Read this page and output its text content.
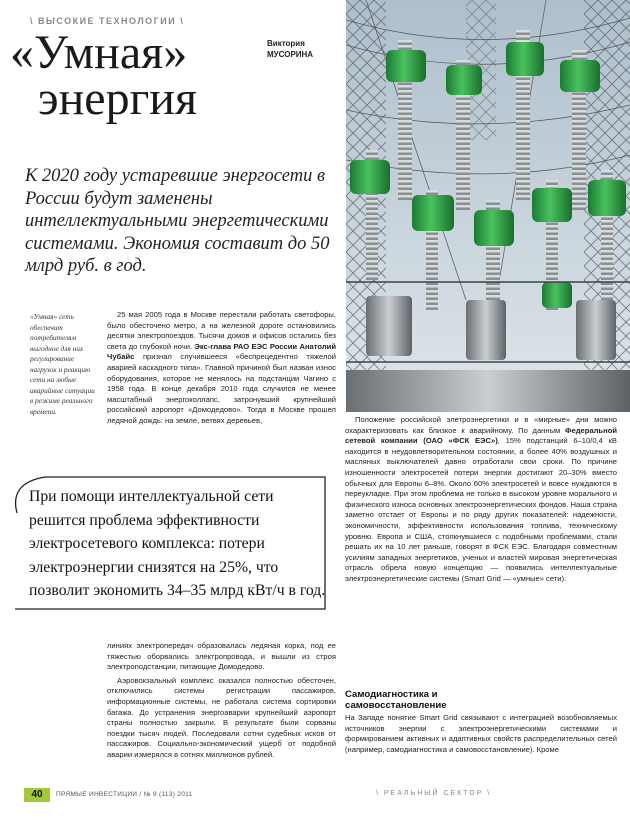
\ ВЫСОКИЕ ТЕХНОЛОГИИ \
«Умная»
энергия
Виктория
МУСОРИНА
К 2020 году устаревшие энергосети в России будут заменены интеллектуальными энергетическими системами. Экономия составит до 50 млрд руб. в год.
«Умная» сеть обеспечит потребителям выгодное для них регулирование нагрузок и реакцию сети на любые аварийные ситуации в режиме реального времени.

25 мая 2005 года в Москве перестали работать светофоры, было обесточено метро, а на железной дороге остановились десятки электропоездов. Тысячи домов и офисов остались без света до глубокой ночи. Экс-глава РАО ЕЭС России Анатолий Чубайс признал случившееся «беспрецедентно тяжелой аварией каскадного типа». Главной причиной был назван износ оборудования, которое не менялось на подстанции Чагино с 1958 года. В конце декабря 2010 года случился не менее масштабный энергоколлапс, затронувший крупнейший российский аэропорт «Домодедово». Тогда в Москве прошел ледяной дождь: на земле, ветвях деревьев,

При помощи интеллектуальной сети решится проблема эффективности электросетевого комплекса: потери электроэнергии снизятся на 25%, что позволит экономить 34–35 млрд кВт/ч в год.

линиях электропередач образовалась ледяная корка, под ее тяжестью оборвались электропровода, и вышли из строя электроподстанции, питающие Домодедово.

Аэровокзальный комплекс оказался полностью обесточен, отключились системы регистрации пассажиров, информационные системы, не работала система сортировки багажа. До устранения энергоаварии крупнейший аэропорт страны полностью закрыли. В результате были сорваны поездки тысяч людей. Последовали сотни судебных исков от пассажиров. Социально-экономический ущерб от подобной аварии измерялся в сотнях миллионов рублей.

Положение российской элетроэнергетики и в «мирные» дни можно охарактеризовать как близкое к аварийному. По данным Федеральной сетевой компании (ОАО «ФСК ЕЭС»), 15% подстанций 6–10/0,4 кВ находится в неудовлетворительном состоянии, а более 40% воздушных и масляных выключателей давно отработали свои сроки. По причине изношенности электросетей потери энергии достигают 20–30% вместо обычных для Европы 6–8%. Около 60% электросетей и вовсе нуждаются в переукладке. При этом проблема не только в высоком уровне морального и физического износа основных электроэнергетических фондов. Наша страна заметно отстает от Европы и по ряду других показателей: надежности, экономичности, эффективности использования топлива, техническому уровню. Европа и США, столкнувшиеся с подобными проблемами, стали решать их на 10 лет раньше, говорят в ФСК ЕЭС. Благодаря совместным усилиям западных энергетиков, ученых и властей мировая энергетическая отрасль обрела новую концепцию — появились интеллектуальные электроэнергетические системы (Smart Grid — «умные» сети).

Самодиагностика и самовосстановление

На Западе понятие Smart Grid связывают с интеграцией возобновляемых источников энергии с электроэнергетическими системами и формированием активных и адаптивных свойств распределительных сетей (например, самодиагностика и самовосстановление). Кроме

40	ПРЯМЫЕ ИНВЕСТИЦИИ / № 9 (113) 2011	\ РЕАЛЬНЫЙ СЕКТОР \
